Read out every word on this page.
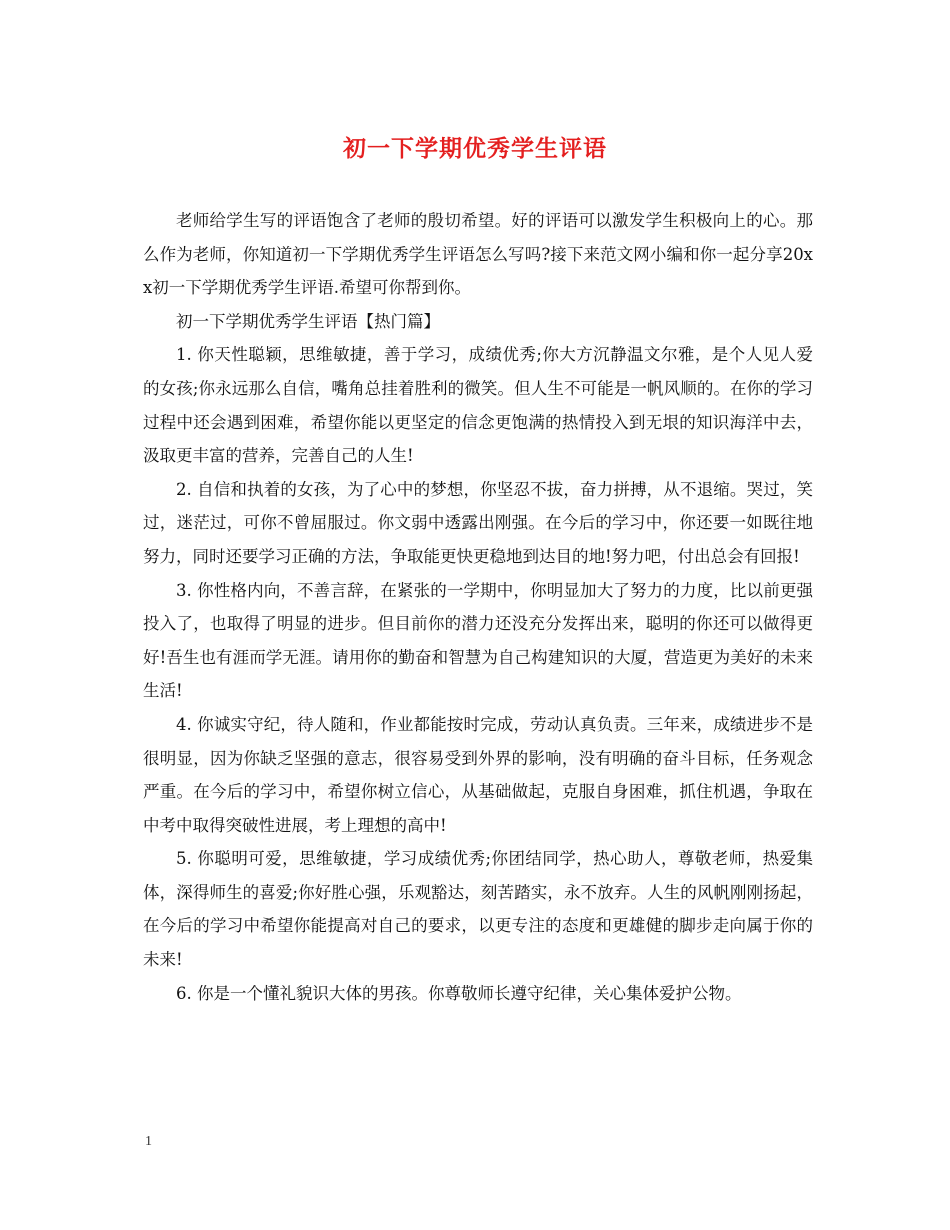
初一下学期优秀学生评语

老师给学生写的评语饱含了老师的殷切希望。好的评语可以激发学生积极向上的心。那么作为老师，你知道初一下学期优秀学生评语怎么写吗?接下来范文网小编和你一起分享20xx初一下学期优秀学生评语.希望可你帮到你。

初一下学期优秀学生评语【热门篇】

1. 你天性聪颖，思维敏捷，善于学习，成绩优秀;你大方沉静温文尔雅，是个人见人爱的女孩;你永远那么自信，嘴角总挂着胜利的微笑。但人生不可能是一帆风顺的。在你的学习过程中还会遇到困难，希望你能以更坚定的信念更饱满的热情投入到无垠的知识海洋中去，汲取更丰富的营养，完善自己的人生!

2. 自信和执着的女孩，为了心中的梦想，你坚忍不拔，奋力拼搏，从不退缩。哭过，笑过，迷茫过，可你不曾屈服过。你文弱中透露出刚强。在今后的学习中，你还要一如既往地努力，同时还要学习正确的方法，争取能更快更稳地到达目的地!努力吧，付出总会有回报!

3. 你性格内向，不善言辞，在紧张的一学期中，你明显加大了努力的力度，比以前更强投入了，也取得了明显的进步。但目前你的潜力还没充分发挥出来，聪明的你还可以做得更好!吾生也有涯而学无涯。请用你的勤奋和智慧为自己构建知识的大厦，营造更为美好的未来生活!

4. 你诚实守纪，待人随和，作业都能按时完成，劳动认真负责。三年来，成绩进步不是很明显，因为你缺乏坚强的意志，很容易受到外界的影响，没有明确的奋斗目标，任务观念严重。在今后的学习中，希望你树立信心，从基础做起，克服自身困难，抓住机遇，争取在中考中取得突破性进展，考上理想的高中!

5. 你聪明可爱，思维敏捷，学习成绩优秀;你团结同学，热心助人，尊敬老师，热爱集体，深得师生的喜爱;你好胜心强，乐观豁达，刻苦踏实，永不放弃。人生的风帆刚刚扬起，在今后的学习中希望你能提高对自己的要求，以更专注的态度和更雄健的脚步走向属于你的未来!

6. 你是一个懂礼貌识大体的男孩。你尊敬师长遵守纪律，关心集体爱护公物。

1
